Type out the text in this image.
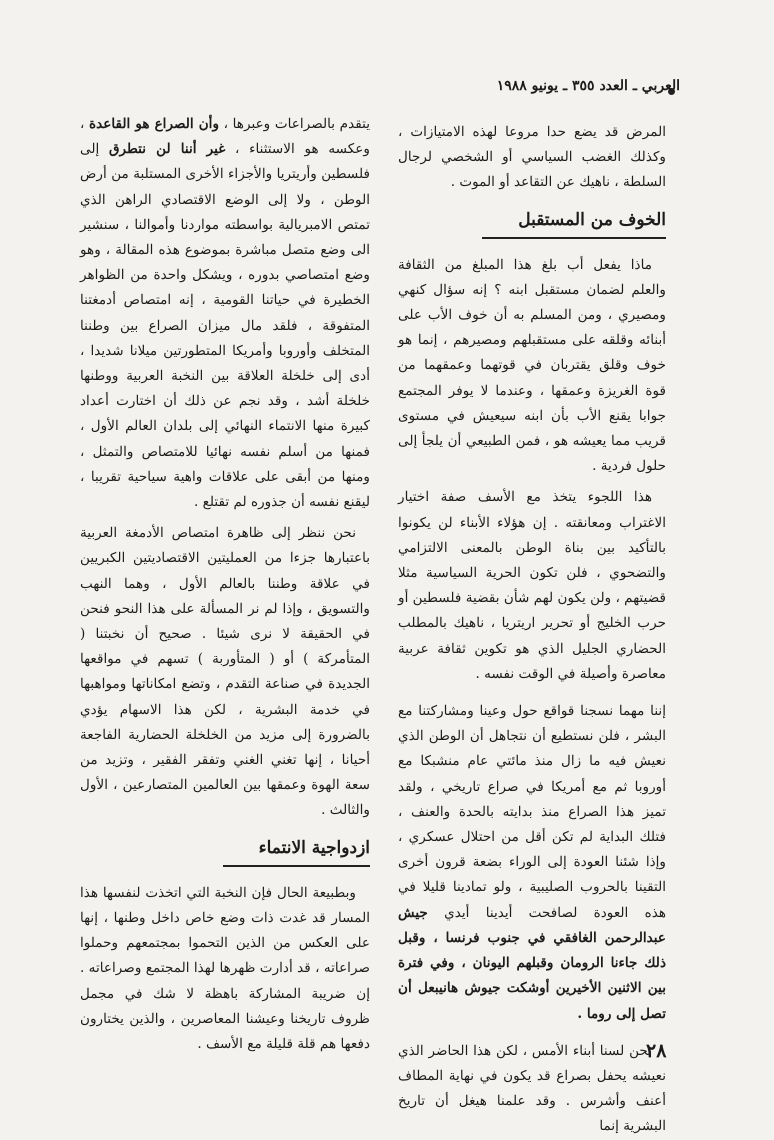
العربي ـ العدد ٣٥٥ ـ يونيو ١٩٨٨

المرض قد يضع حدا مروعا لهذه الامتيازات ، وكذلك الغضب السياسي أو الشخصي لرجال السلطة ، ناهيك عن التقاعد أو الموت .

الخوف من المستقبل

ماذا يفعل أب بلغ هذا المبلغ من الثقافة والعلم لضمان مستقبل ابنه ؟ إنه سؤال كنهي ومصيري ، ومن المسلم به أن خوف الأب على أبنائه وقلقه على مستقبلهم ومصيرهم ، إنما هو خوف وقلق يقتربان في قوتهما وعمقهما من قوة الغريزة وعمقها ، وعندما لا يوفر المجتمع جوابا يقنع الأب بأن ابنه سيعيش في مستوى قريب مما يعيشه هو ، فمن الطبيعي أن يلجأ إلى حلول فردية .

هذا اللجوء يتخذ مع الأسف صفة اختيار الاغتراب ومعانقته . إن هؤلاء الأبناء لن يكونوا بالتأكيد بين بناة الوطن بالمعنى الالتزامي والتضحوي ، فلن تكون الحرية السياسية مثلا قضيتهم ، ولن يكون لهم شأن بقضية فلسطين أو حرب الخليج أو تحرير اريتريا ، ناهيك بالمطلب الحضاري الجليل الذي هو تكوين ثقافة عربية معاصرة وأصيلة في الوقت نفسه .

إننا مهما نسجنا قواقع حول وعينا ومشاركتنا مع البشر ، فلن نستطيع أن نتجاهل أن الوطن الذي نعيش فيه ما زال منذ مائتي عام منشبكا مع أوروبا ثم مع أمريكا في صراع تاريخي ، ولقد تميز هذا الصراع منذ بدايته بالحدة والعنف ، فتلك البداية لم تكن أقل من احتلال عسكري ، وإذا شئنا العودة إلى الوراء بضعة قرون أخرى التقينا بالحروب الصليبية ، ولو تمادينا قليلا في هذه العودة لصافحت أيدينا أيدي جيش عبدالرحمن الغافقي في جنوب فرنسا ، وقبل ذلك جاءنا الرومان وقبلهم اليونان ، وفي فترة بين الاثنين الأخيرين أوشكت جيوش هانيبعل أن تصل إلى روما .

نحن لسنا أبناء الأمس ، لكن هذا الحاضر الذي نعيشه يحفل بصراع قد يكون في نهاية المطاف أعنف وأشرس . وقد علمنا هيغل أن تاريخ البشرية إنما

يتقدم بالصراعات وعبرها ، وأن الصراع هو القاعدة ، وعكسه هو الاستثناء ، غير أننا لن نتطرق إلى فلسطين وأريتريا والأجزاء الأخرى المستلبة من أرض الوطن ، ولا إلى الوضع الاقتصادي الراهن الذي تمتص الامبريالية بواسطته مواردنا وأموالنا ، سنشير الى وضع متصل مباشرة بموضوع هذه المقالة ، وهو وضع امتصاصي بدوره ، ويشكل واحدة من الظواهر الخطيرة في حياتنا القومية ، إنه امتصاص أدمغتنا المتفوقة ، فلقد مال ميزان الصراع بين وطننا المتخلف وأوروبا وأمريكا المتطورتين ميلانا شديدا ، أدى إلى خلخلة العلاقة بين النخبة العربية ووطنها خلخلة أشد ، وقد نجم عن ذلك أن اختارت أعداد كبيرة منها الانتماء النهائي إلى بلدان العالم الأول ، فمنها من أسلم نفسه نهائيا للامتصاص والتمثل ، ومنها من أبقى على علاقات واهية سياحية تقريبا ، ليقنع نفسه أن جذوره لم تقتلع .

نحن ننظر إلى ظاهرة امتصاص الأدمغة العربية باعتبارها جزءا من العمليتين الاقتصاديتين الكبريين في علاقة وطننا بالعالم الأول ، وهما النهب والتسويق ، وإذا لم نر المسألة على هذا النحو فنحن في الحقيقة لا نرى شيئا . صحيح أن نخبتنا ( المتأمركة ) أو ( المتأوربة ) تسهم في مواقعها الجديدة في صناعة التقدم ، وتضع امكاناتها ومواهبها في خدمة البشرية ، لكن هذا الاسهام يؤدي بالضرورة إلى مزيد من الخلخلة الحضارية الفاجعة أحيانا ، إنها تغني الغني وتفقر الفقير ، وتزيد من سعة الهوة وعمقها بين العالمين المتصارعين ، الأول والثالث .

ازدواجية الانتماء

وبطبيعة الحال فإن النخبة التي اتخذت لنفسها هذا المسار قد غدت ذات وضع خاص داخل وطنها ، إنها على العكس من الذين التحموا بمجتمعهم وحملوا صراعاته ، قد أدارت ظهرها لهذا المجتمع وصراعاته . إن ضريبة المشاركة باهظة لا شك في مجمل ظروف تاريخنا وعيشنا المعاصرين ، والذين يختارون دفعها هم قلة قليلة مع الأسف .	٢٨
